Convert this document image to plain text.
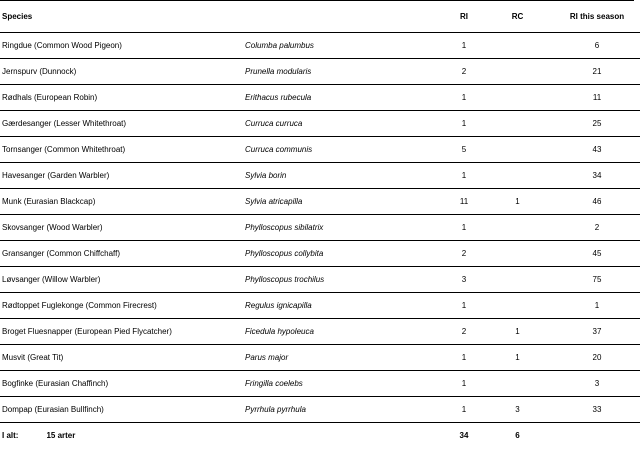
Species		RI	RC	RI this season
Ringdue (Common Wood Pigeon)	Columba palumbus	1		6
Jernspurv (Dunnock)	Prunella modularis	2		21
Rødhals (European Robin)	Erithacus rubecula	1		11
Gærdesanger (Lesser Whitethroat)	Curruca curruca	1		25
Tornsanger (Common Whitethroat)	Curruca communis	5		43
Havesanger (Garden Warbler)	Sylvia borin	1		34
Munk (Eurasian Blackcap)	Sylvia atricapilla	11	1	46
Skovsanger (Wood Warbler)	Phylloscopus sibilatrix	1		2
Gransanger (Common Chiffchaff)	Phylloscopus collybita	2		45
Løvsanger (Willow Warbler)	Phylloscopus trochilus	3		75
Rødtoppet Fuglekonge (Common Firecrest)	Regulus ignicapilla	1		1
Broget Fluesnapper (European Pied Flycatcher)	Ficedula hypoleuca	2	1	37
Musvit (Great Tit)	Parus major	1	1	20
Bogfinke (Eurasian Chaffinch)	Fringilla coelebs	1		3
Dompap (Eurasian Bullfinch)	Pyrrhula pyrrhula	1	3	33
I alt: 15 arter		34	6	
